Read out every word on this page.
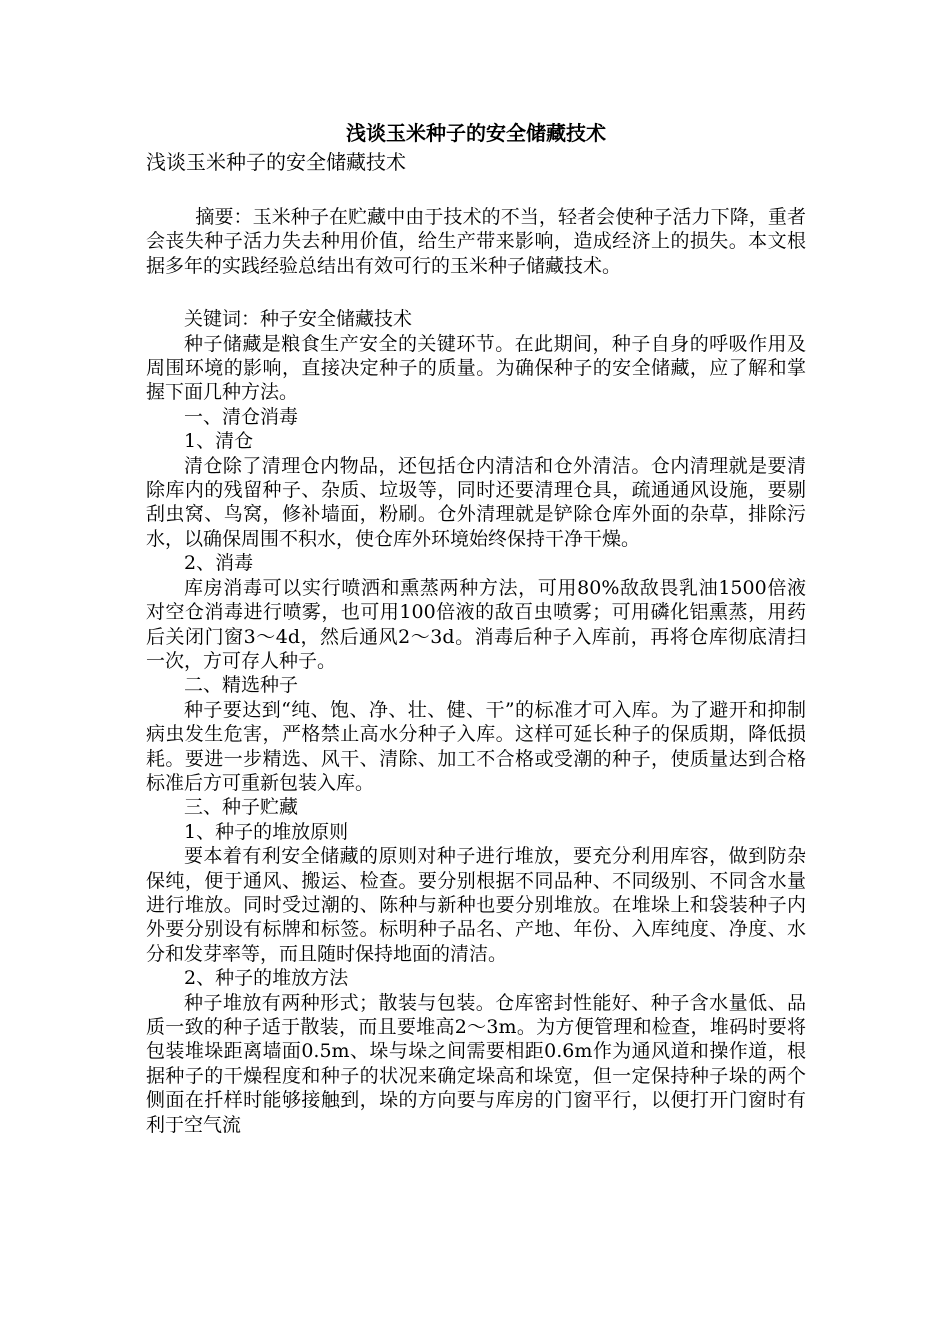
浅谈玉米种子的安全储藏技术

浅谈玉米种子的安全储藏技术

摘要：玉米种子在贮藏中由于技术的不当，轻者会使种子活力下降，重者会丧失种子活力失去种用价值，给生产带来影响，造成经济上的损失。本文根据多年的实践经验总结出有效可行的玉米种子储藏技术。

关键词：种子安全储藏技术

种子储藏是粮食生产安全的关键环节。在此期间，种子自身的呼吸作用及周围环境的影响，直接决定种子的质量。为确保种子的安全储藏，应了解和掌握下面几种方法。

一、清仓消毒

1、清仓

清仓除了清理仓内物品，还包括仓内清洁和仓外清洁。仓内清理就是要清除库内的残留种子、杂质、垃圾等，同时还要清理仓具，疏通通风设施，要剔刮虫窝、鸟窝，修补墙面，粉刷。仓外清理就是铲除仓库外面的杂草，排除污水，以确保周围不积水，使仓库外环境始终保持干净干燥。

2、消毒

库房消毒可以实行喷洒和熏蒸两种方法，可用80%敌敌畏乳油1500倍液对空仓消毒进行喷雾，也可用100倍液的敌百虫喷雾；可用磷化铝熏蒸，用药后关闭门窗3～4d，然后通风2～3d。消毒后种子入库前，再将仓库彻底清扫一次，方可存人种子。

二、精选种子

种子要达到“纯、饱、净、壮、健、干”的标准才可入库。为了避开和抑制病虫发生危害，严格禁止高水分种子入库。这样可延长种子的保质期，降低损耗。要进一步精选、风干、清除、加工不合格或受潮的种子，使质量达到合格标准后方可重新包装入库。

三、种子贮藏

1、种子的堆放原则

要本着有利安全储藏的原则对种子进行堆放，要充分利用库容，做到防杂保纯，便于通风、搬运、检查。要分别根据不同品种、不同级别、不同含水量进行堆放。同时受过潮的、陈种与新种也要分别堆放。在堆垛上和袋装种子内外要分别设有标牌和标签。标明种子品名、产地、年份、入库纯度、净度、水分和发芽率等，而且随时保持地面的清洁。

2、种子的堆放方法

种子堆放有两种形式；散装与包装。仓库密封性能好、种子含水量低、品质一致的种子适于散装，而且要堆高2～3m。为方便管理和检查，堆码时要将包装堆垛距离墙面0.5m、垛与垛之间需要相距0.6m作为通风道和操作道，根据种子的干燥程度和种子的状况来确定垛高和垛宽，但一定保持种子垛的两个侧面在扦样时能够接触到，垛的方向要与库房的门窗平行，以便打开门窗时有利于空气流
